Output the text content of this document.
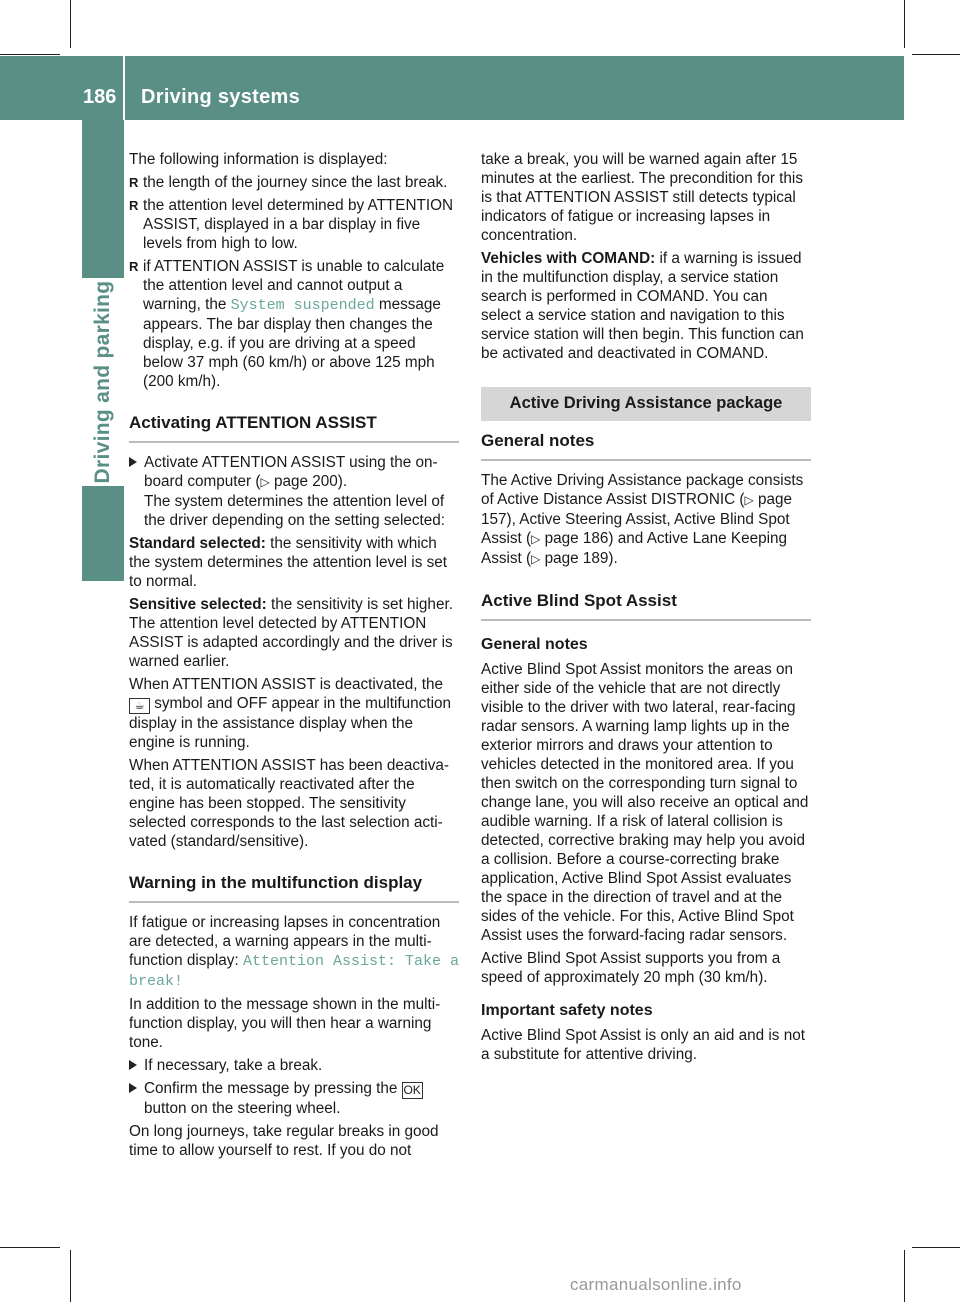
186 Driving systems
Driving and parking

The following information is displayed:

R the length of the journey since the last break.
R the attention level determined by ATTENTION ASSIST, displayed in a bar display in five levels from high to low.
R if ATTENTION ASSIST is unable to calculate the attention level and cannot output a warning, the System suspended message appears. The bar display then changes the display, e.g. if you are driving at a speed below 37 mph (60 km/h) or above 125 mph (200 km/h).
Activating ATTENTION ASSIST
Activate ATTENTION ASSIST using the on-board computer (▷ page 200).
The system determines the attention level of the driver depending on the setting selected:

Standard selected: the sensitivity with which the system determines the attention level is set to normal.

Sensitive selected: the sensitivity is set higher. The attention level detected by ATTENTION ASSIST is adapted accordingly and the driver is warned earlier.

When ATTENTION ASSIST is deactivated, the ☕ symbol and OFF appear in the multifunction display in the assistance display when the engine is running.

When ATTENTION ASSIST has been deactivated, it is automatically reactivated after the engine has been stopped. The sensitivity selected corresponds to the last selection activated (standard/sensitive).

Warning in the multifunction display

If fatigue or increasing lapses in concentration are detected, a warning appears in the multifunction display: Attention Assist: Take a break!

In addition to the message shown in the multifunction display, you will then hear a warning tone.

If necessary, take a break.
Confirm the message by pressing the OK button on the steering wheel.

On long journeys, take regular breaks in good time to allow yourself to rest. If you do not

take a break, you will be warned again after 15 minutes at the earliest. The precondition for this is that ATTENTION ASSIST still detects typical indicators of fatigue or increasing lapses in concentration.

Vehicles with COMAND: if a warning is issued in the multifunction display, a service station search is performed in COMAND. You can select a service station and navigation to this service station will then begin. This function can be activated and deactivated in COMAND.

Active Driving Assistance package
General notes

The Active Driving Assistance package consists of Active Distance Assist DISTRONIC (▷ page 157), Active Steering Assist, Active Blind Spot Assist (▷ page 186) and Active Lane Keeping Assist (▷ page 189).

Active Blind Spot Assist
General notes

Active Blind Spot Assist monitors the areas on either side of the vehicle that are not directly visible to the driver with two lateral, rear-facing radar sensors. A warning lamp lights up in the exterior mirrors and draws your attention to vehicles detected in the monitored area. If you then switch on the corresponding turn signal to change lane, you will also receive an optical and audible warning. If a risk of lateral collision is detected, corrective braking may help you avoid a collision. Before a course-correcting brake application, Active Blind Spot Assist evaluates the space in the direction of travel and at the sides of the vehicle. For this, Active Blind Spot Assist uses the forward-facing radar sensors.

Active Blind Spot Assist supports you from a speed of approximately 20 mph (30 km/h).

Important safety notes

Active Blind Spot Assist is only an aid and is not a substitute for attentive driving.

carmanualsonline.info
